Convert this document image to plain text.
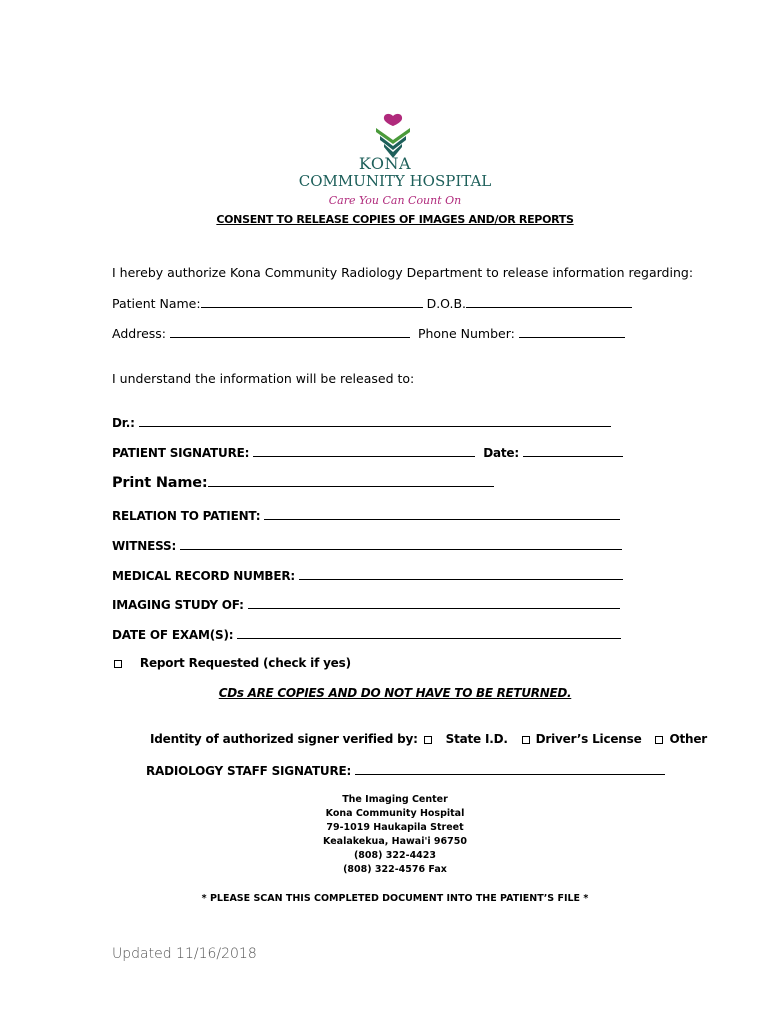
KONA
COMMUNITY HOSPITAL
Care You Can Count On
CONSENT TO RELEASE COPIES OF IMAGES AND/OR REPORTS
I hereby authorize Kona Community Radiology Department to release information regarding:
Patient Name:	D.O.B.
Address:	Phone Number:
I understand the information will be released to:
Dr.:
PATIENT SIGNATURE:	Date:
Print Name:
RELATION TO PATIENT:
WITNESS:
MEDICAL RECORD NUMBER:
IMAGING STUDY OF:
DATE OF EXAM(S):
Report Requested (check if yes)
CDs ARE COPIES AND DO NOT HAVE TO BE RETURNED.
Identity of authorized signer verified by: State I.D. Driver’s License Other
RADIOLOGY STAFF SIGNATURE:
The Imaging Center
Kona Community Hospital
79-1019 Haukapila Street
Kealakekua, Hawai'i 96750
(808) 322-4423
(808) 322-4576 Fax
* PLEASE SCAN THIS COMPLETED DOCUMENT INTO THE PATIENT’S FILE *
Updated 11/16/2018
